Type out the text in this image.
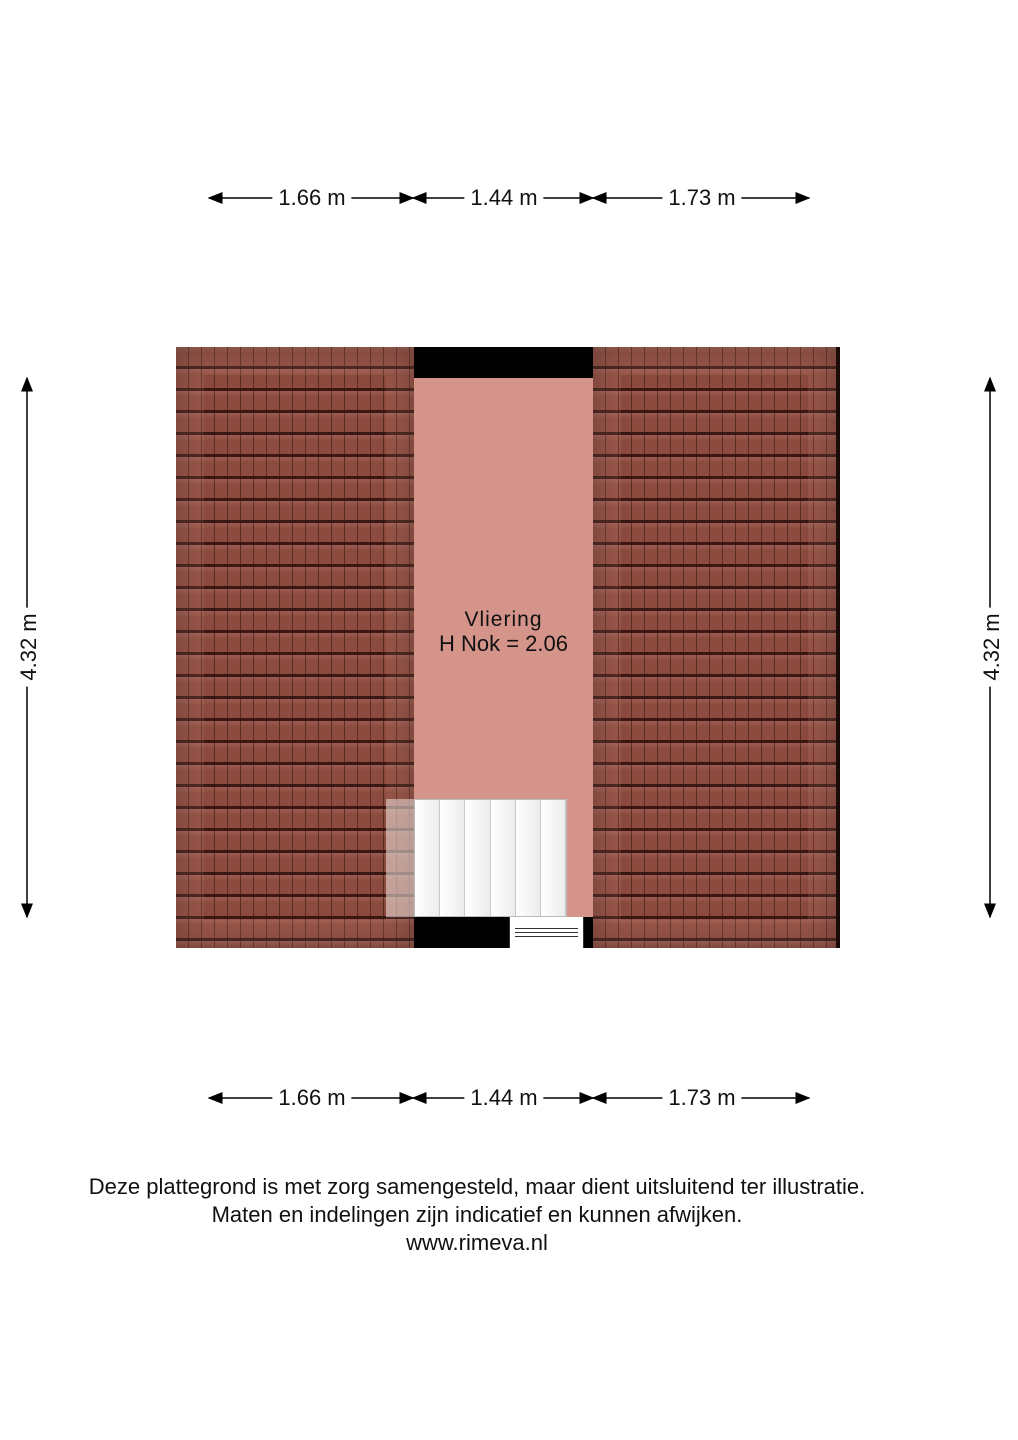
1.66 m	1.44 m	1.73 m
1.66 m	1.44 m	1.73 m
4.32 m	4.32 m
Vliering
H Nok = 2.06
Deze plattegrond is met zorg samengesteld, maar dient uitsluitend ter illustratie.
Maten en indelingen zijn indicatief en kunnen afwijken.
www.rimeva.nl
